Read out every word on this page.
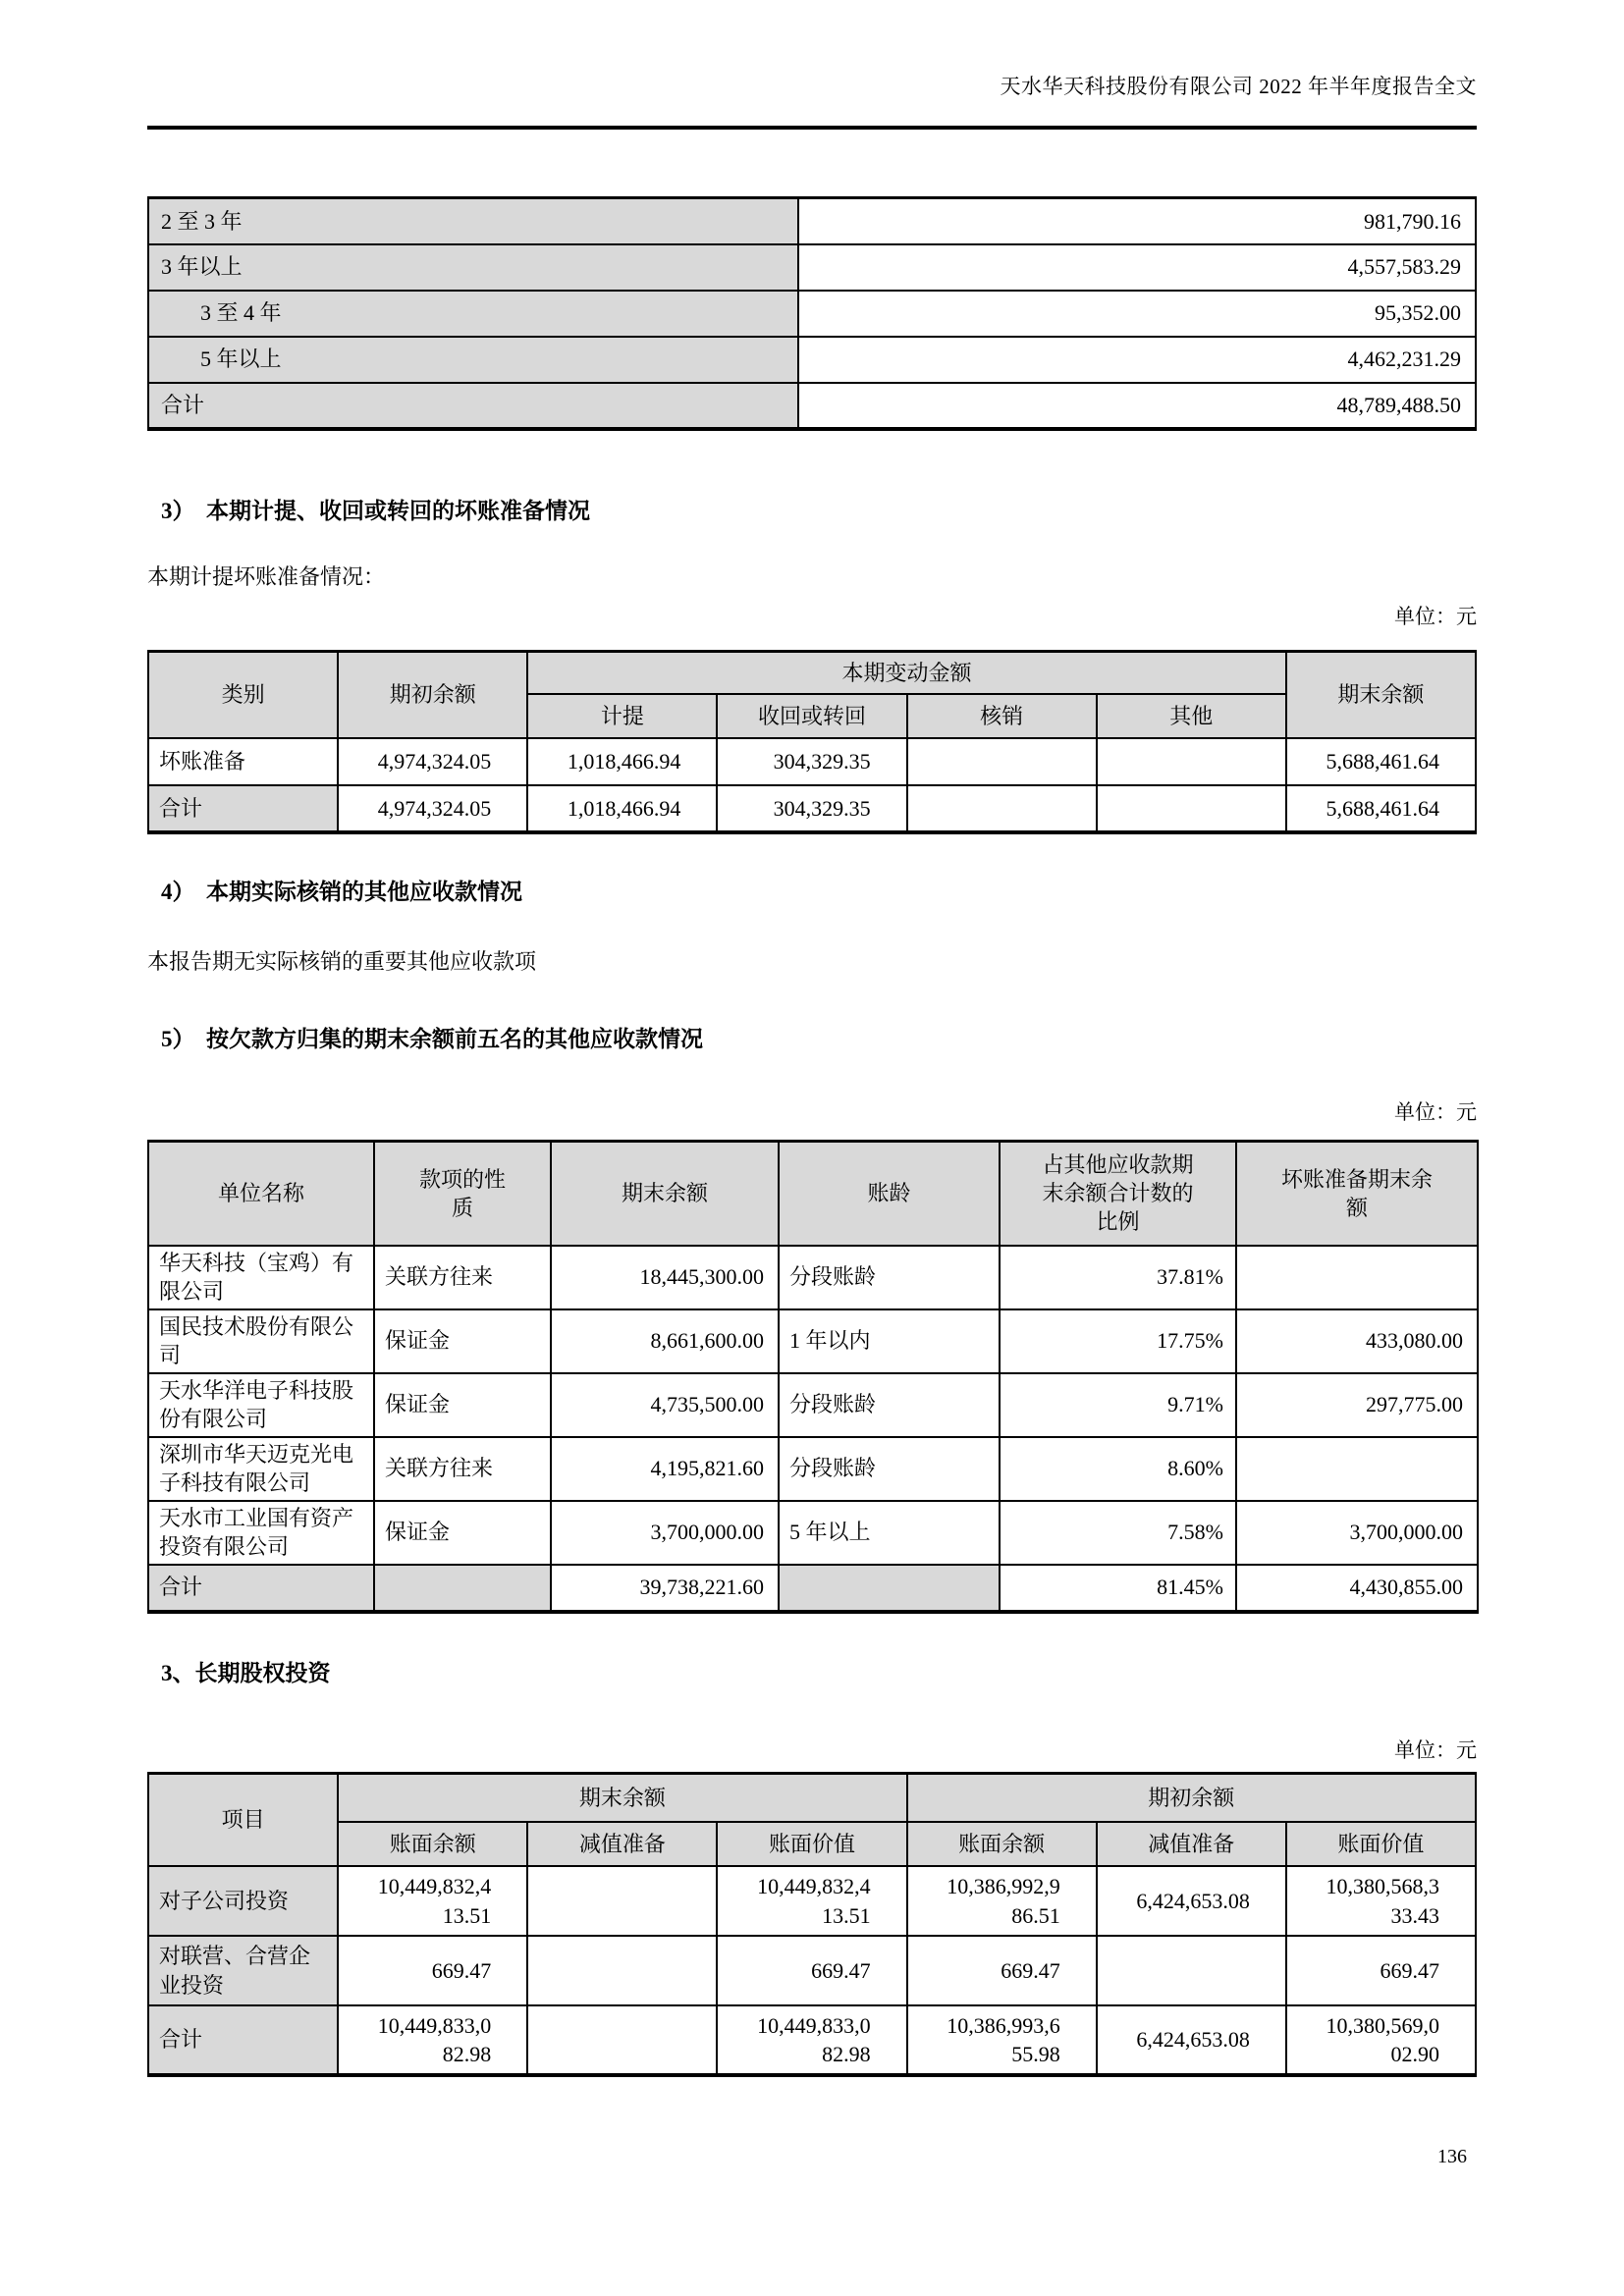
天水华天科技股份有限公司 2022 年半年度报告全文
2 至 3 年	981,790.16
3 年以上	4,557,583.29
3 至 4 年	95,352.00
5 年以上	4,462,231.29
合计	48,789,488.50
3）  本期计提、收回或转回的坏账准备情况
本期计提坏账准备情况：
单位：元
类别	期初余额	本期变动金额				期末余额
		计提	收回或转回	核销	其他	
坏账准备	4,974,324.05	1,018,466.94	304,329.35			5,688,461.64
合计	4,974,324.05	1,018,466.94	304,329.35			5,688,461.64
4）  本期实际核销的其他应收款情况
本报告期无实际核销的重要其他应收款项
5）  按欠款方归集的期末余额前五名的其他应收款情况
单位：元
单位名称	款项的性质	期末余额	账龄	占其他应收款期末余额合计数的比例	坏账准备期末余额
华天科技（宝鸡）有限公司	关联方往来	18,445,300.00	分段账龄	37.81%	
国民技术股份有限公司	保证金	8,661,600.00	1 年以内	17.75%	433,080.00
天水华洋电子科技股份有限公司	保证金	4,735,500.00	分段账龄	9.71%	297,775.00
深圳市华天迈克光电子科技有限公司	关联方往来	4,195,821.60	分段账龄	8.60%	
天水市工业国有资产投资有限公司	保证金	3,700,000.00	5 年以上	7.58%	3,700,000.00
合计		39,738,221.60		81.45%	4,430,855.00
3、长期股权投资
单位：元
项目	期末余额			期初余额		
	账面余额	减值准备	账面价值	账面余额	减值准备	账面价值
对子公司投资	10,449,832,413.51		10,449,832,413.51	10,386,992,986.51	6,424,653.08	10,380,568,333.43
对联营、合营企业投资	669.47		669.47	669.47		669.47
合计	10,449,833,082.98		10,449,833,082.98	10,386,993,655.98	6,424,653.08	10,380,569,002.90
136
